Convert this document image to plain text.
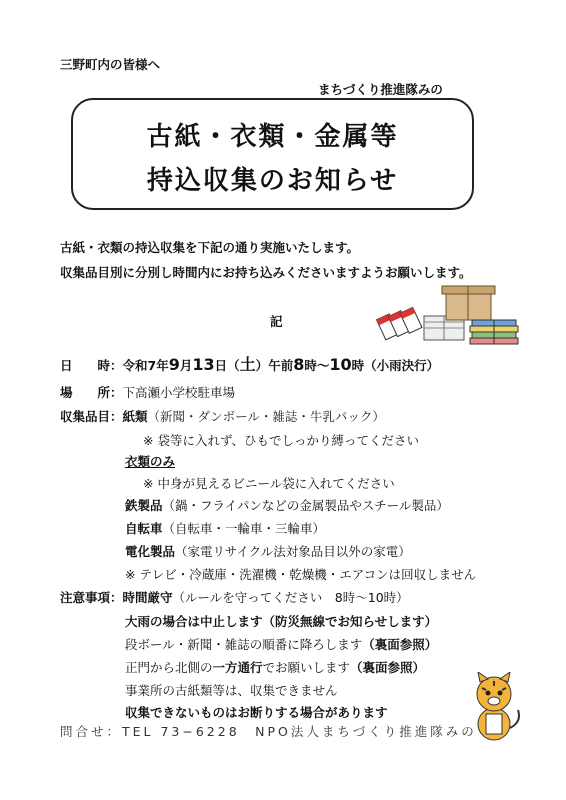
三野町内の皆様へ
まちづくり推進隊みの
古紙・衣類・金属等
持込収集のお知らせ
古紙・衣類の持込収集を下記の通り実施いたします。
収集品目別に分別し時間内にお持ち込みくださいますようお願いします。
記
日　　時：令和7年9月13日（土）午前8時〜10時（小雨決行）
場　　所：下高瀬小学校駐車場
収集品目：紙類（新聞・ダンボール・雑誌・牛乳パック）
※ 袋等に入れず、ひもでしっかり縛ってください
衣類のみ
※ 中身が見えるビニール袋に入れてください
鉄製品（鍋・フライパンなどの金属製品やスチール製品）
自転車（自転車・一輪車・三輪車）
電化製品（家電リサイクル法対象品目以外の家電）
※ テレビ・冷蔵庫・洗濯機・乾燥機・エアコンは回収しません
注意事項：時間厳守（ルールを守ってください　8時〜10時）
大雨の場合は中止します（防災無線でお知らせします）
段ボール・新聞・雑誌の順番に降ろします（裏面参照）
正門から北側の一方通行でお願いします（裏面参照）
事業所の古紙類等は、収集できません
収集できないものはお断りする場合があります
問合せ：TEL 73−6228　NPO法人まちづくり推進隊みの
